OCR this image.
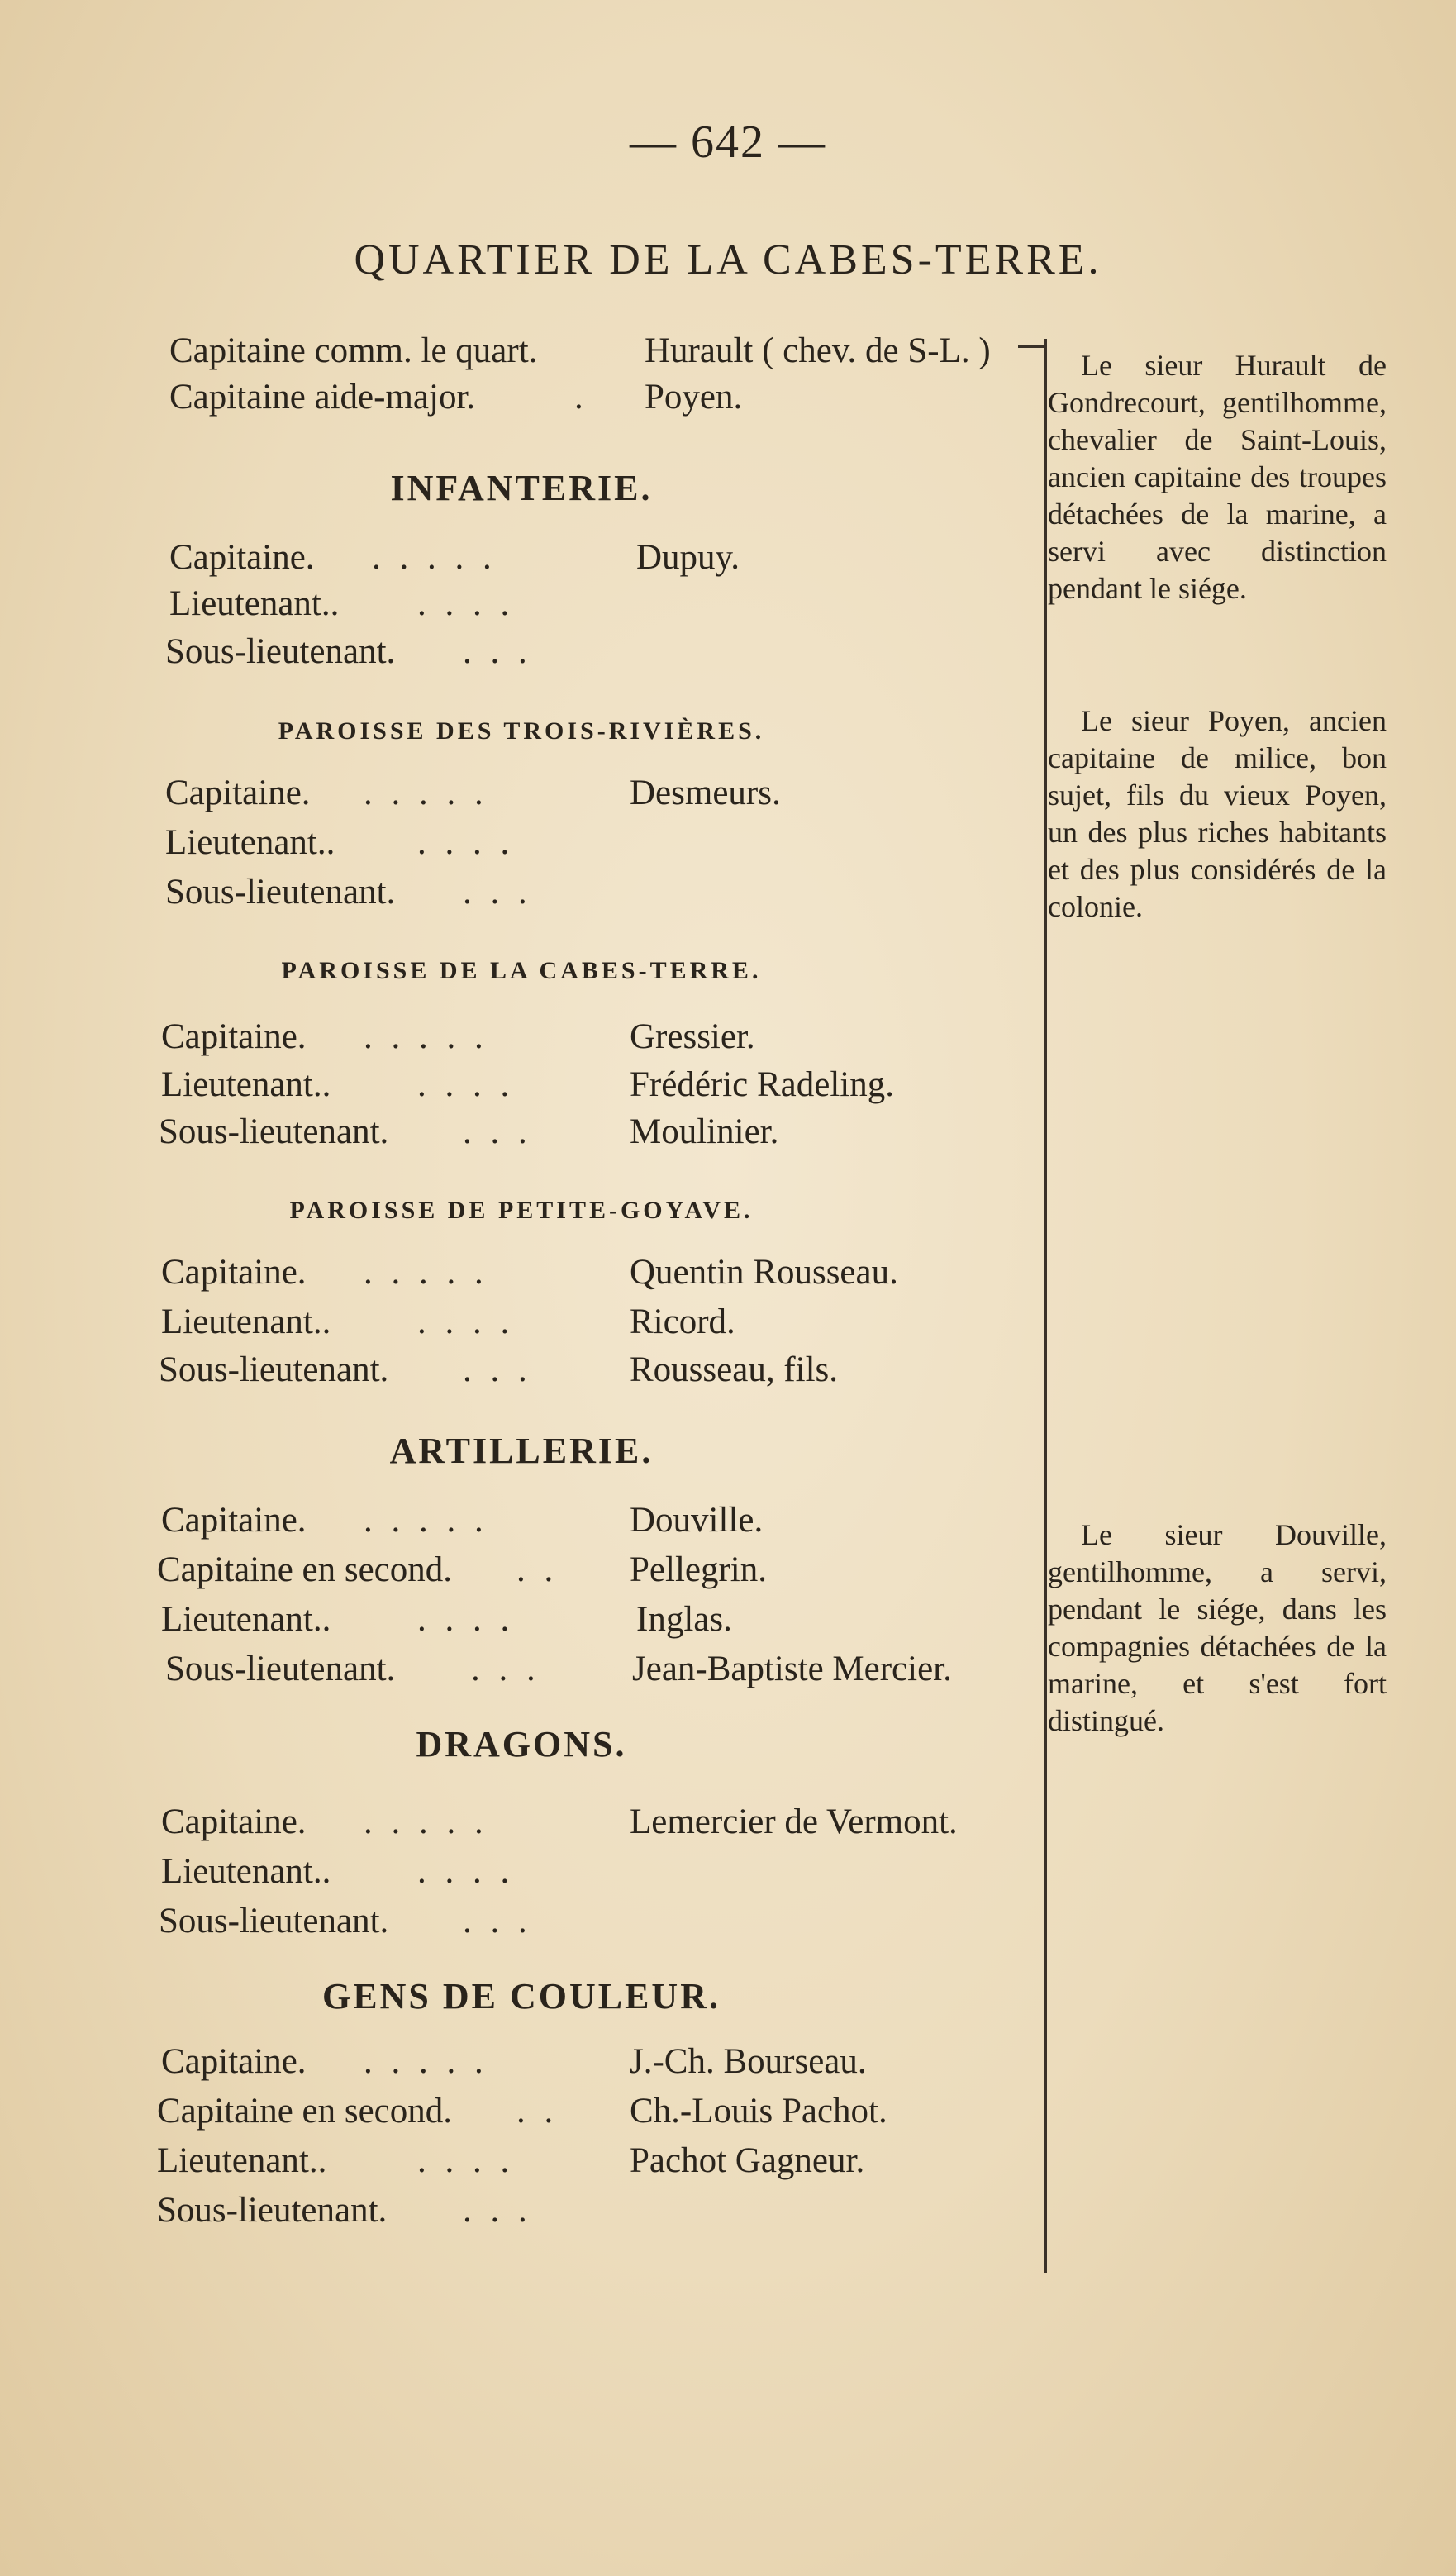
— 642 —
QUARTIER DE LA CABES-TERRE.
Capitaine comm. le quart.	Hurault ( chev. de S-L. )
Capitaine aide-major.	. Poyen.
INFANTERIE.
Capitaine. . . . . .	Dupuy.
Lieutenant.. . . . .
Sous-lieutenant. . . .
PAROISSE DES TROIS-RIVIÈRES.
Capitaine. . . . . .	Desmeurs.
Lieutenant.. . . . .
Sous-lieutenant. . . .
PAROISSE DE LA CABES-TERRE.
Capitaine. . . . . .	Gressier.
Lieutenant.. . . . .	Frédéric Radeling.
Sous-lieutenant. . . .	Moulinier.
PAROISSE DE PETITE-GOYAVE.
Capitaine. . . . . .	Quentin Rousseau.
Lieutenant.. . . . .	Ricord.
Sous-lieutenant. . . .	Rousseau, fils.
ARTILLERIE.
Capitaine. . . . . .	Douville.
Capitaine en second. . . Pellegrin.
Lieutenant.. . . . .	Inglas.
Sous-lieutenant. . . .	Jean-Baptiste Mercier.
DRAGONS.
Capitaine. . . . . .	Lemercier de Vermont.
Lieutenant.. . . . .
Sous-lieutenant. . . .
GENS DE COULEUR.
Capitaine. . . . . .	J.-Ch. Bourseau.
Capitaine en second. . . Ch.-Louis Pachot.
Lieutenant..	. . . .	Pachot Gagneur.
Sous-lieutenant. . . .

Le sieur Hurault de Gondrecourt, gentilhomme, chevalier de Saint-Louis, ancien capitaine des troupes détachées de la marine, a servi avec distinction pendant le siége.

Le sieur Poyen, ancien capitaine de milice, bon sujet, fils du vieux Poyen, un des plus riches habitants et des plus considérés de la colonie.

Le sieur Douville, gentilhomme, a servi, pendant le siége, dans les compagnies détachées de la marine, et s'est fort distingué.
